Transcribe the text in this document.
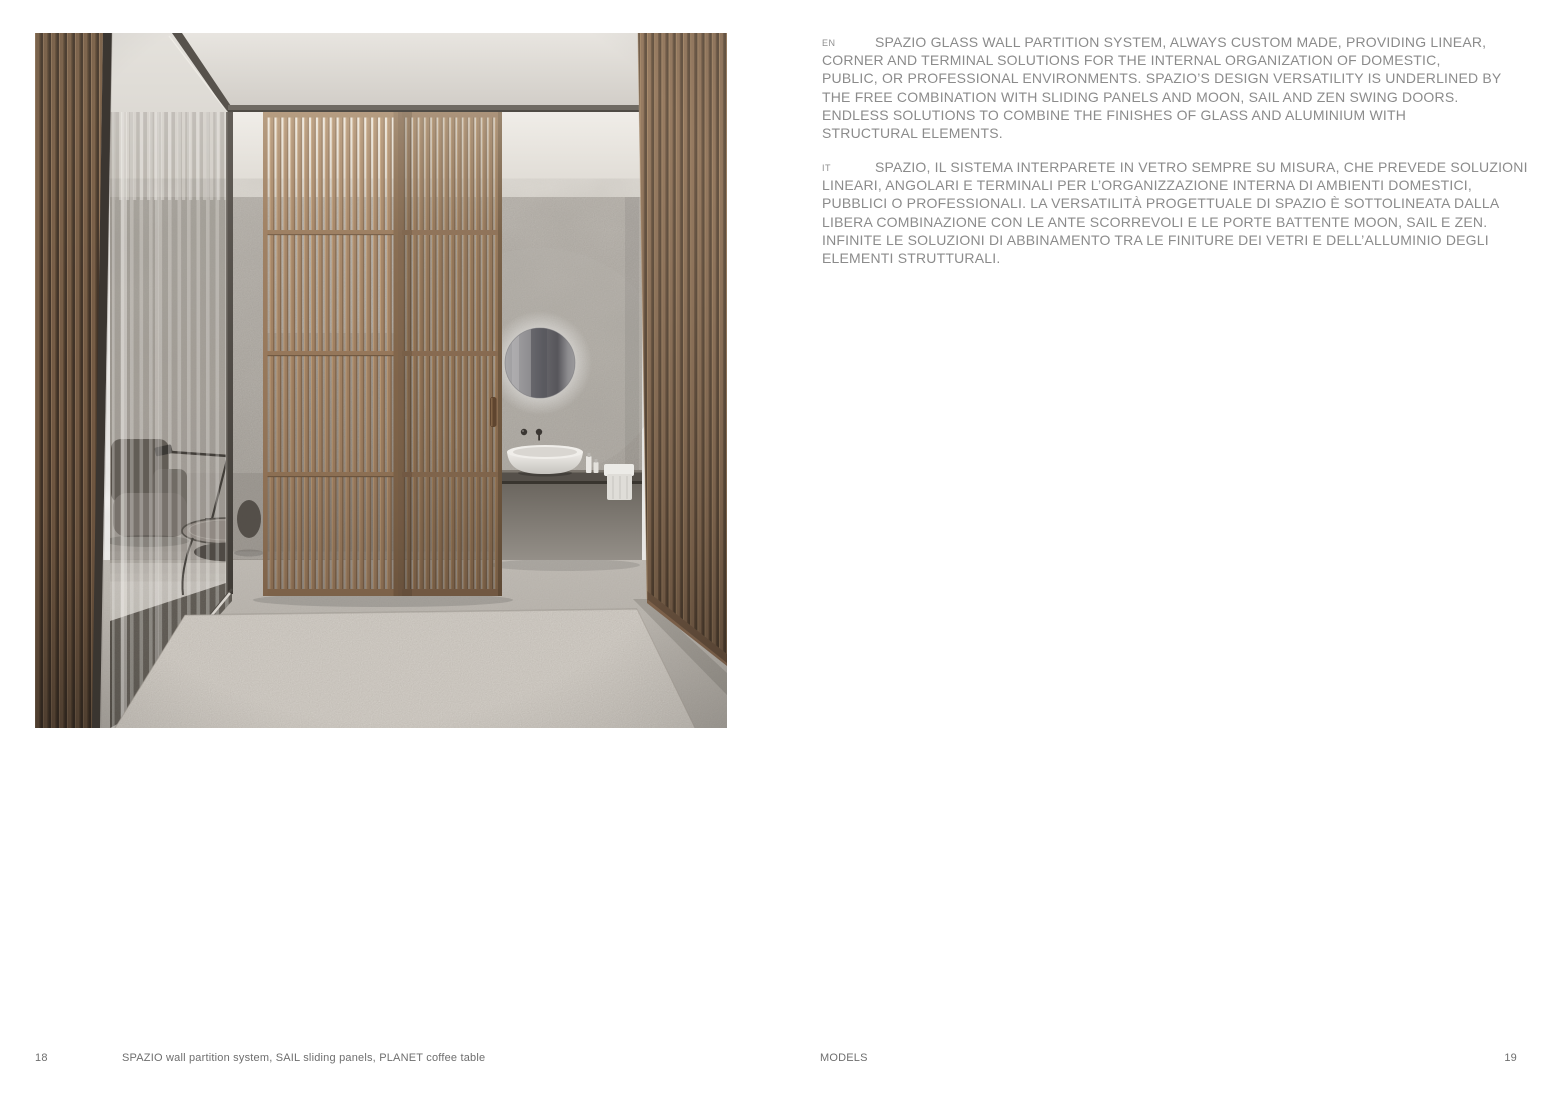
EN	SPAZIO GLASS WALL PARTITION SYSTEM, ALWAYS CUSTOM MADE, PROVIDING LINEAR,
CORNER AND TERMINAL SOLUTIONS FOR THE INTERNAL ORGANIZATION OF DOMESTIC,
PUBLIC, OR PROFESSIONAL ENVIRONMENTS. SPAZIO’S DESIGN VERSATILITY IS UNDERLINED BY
THE FREE COMBINATION WITH SLIDING PANELS AND MOON, SAIL AND ZEN SWING DOORS.
ENDLESS SOLUTIONS TO COMBINE THE FINISHES OF GLASS AND ALUMINIUM WITH
STRUCTURAL ELEMENTS.
IT	SPAZIO, IL SISTEMA INTERPARETE IN VETRO SEMPRE SU MISURA, CHE PREVEDE SOLUZIONI
LINEARI, ANGOLARI E TERMINALI PER L’ORGANIZZAZIONE INTERNA DI AMBIENTI DOMESTICI,
PUBBLICI O PROFESSIONALI. LA VERSATILITÀ PROGETTUALE DI SPAZIO È SOTTOLINEATA DALLA
LIBERA COMBINAZIONE CON LE ANTE SCORREVOLI E LE PORTE BATTENTE MOON, SAIL E ZEN.
INFINITE LE SOLUZIONI DI ABBINAMENTO TRA LE FINITURE DEI VETRI E DELL’ALLUMINIO DEGLI
ELEMENTI STRUTTURALI.
18	SPAZIO wall partition system, SAIL sliding panels, PLANET coffee table	MODELS	19
